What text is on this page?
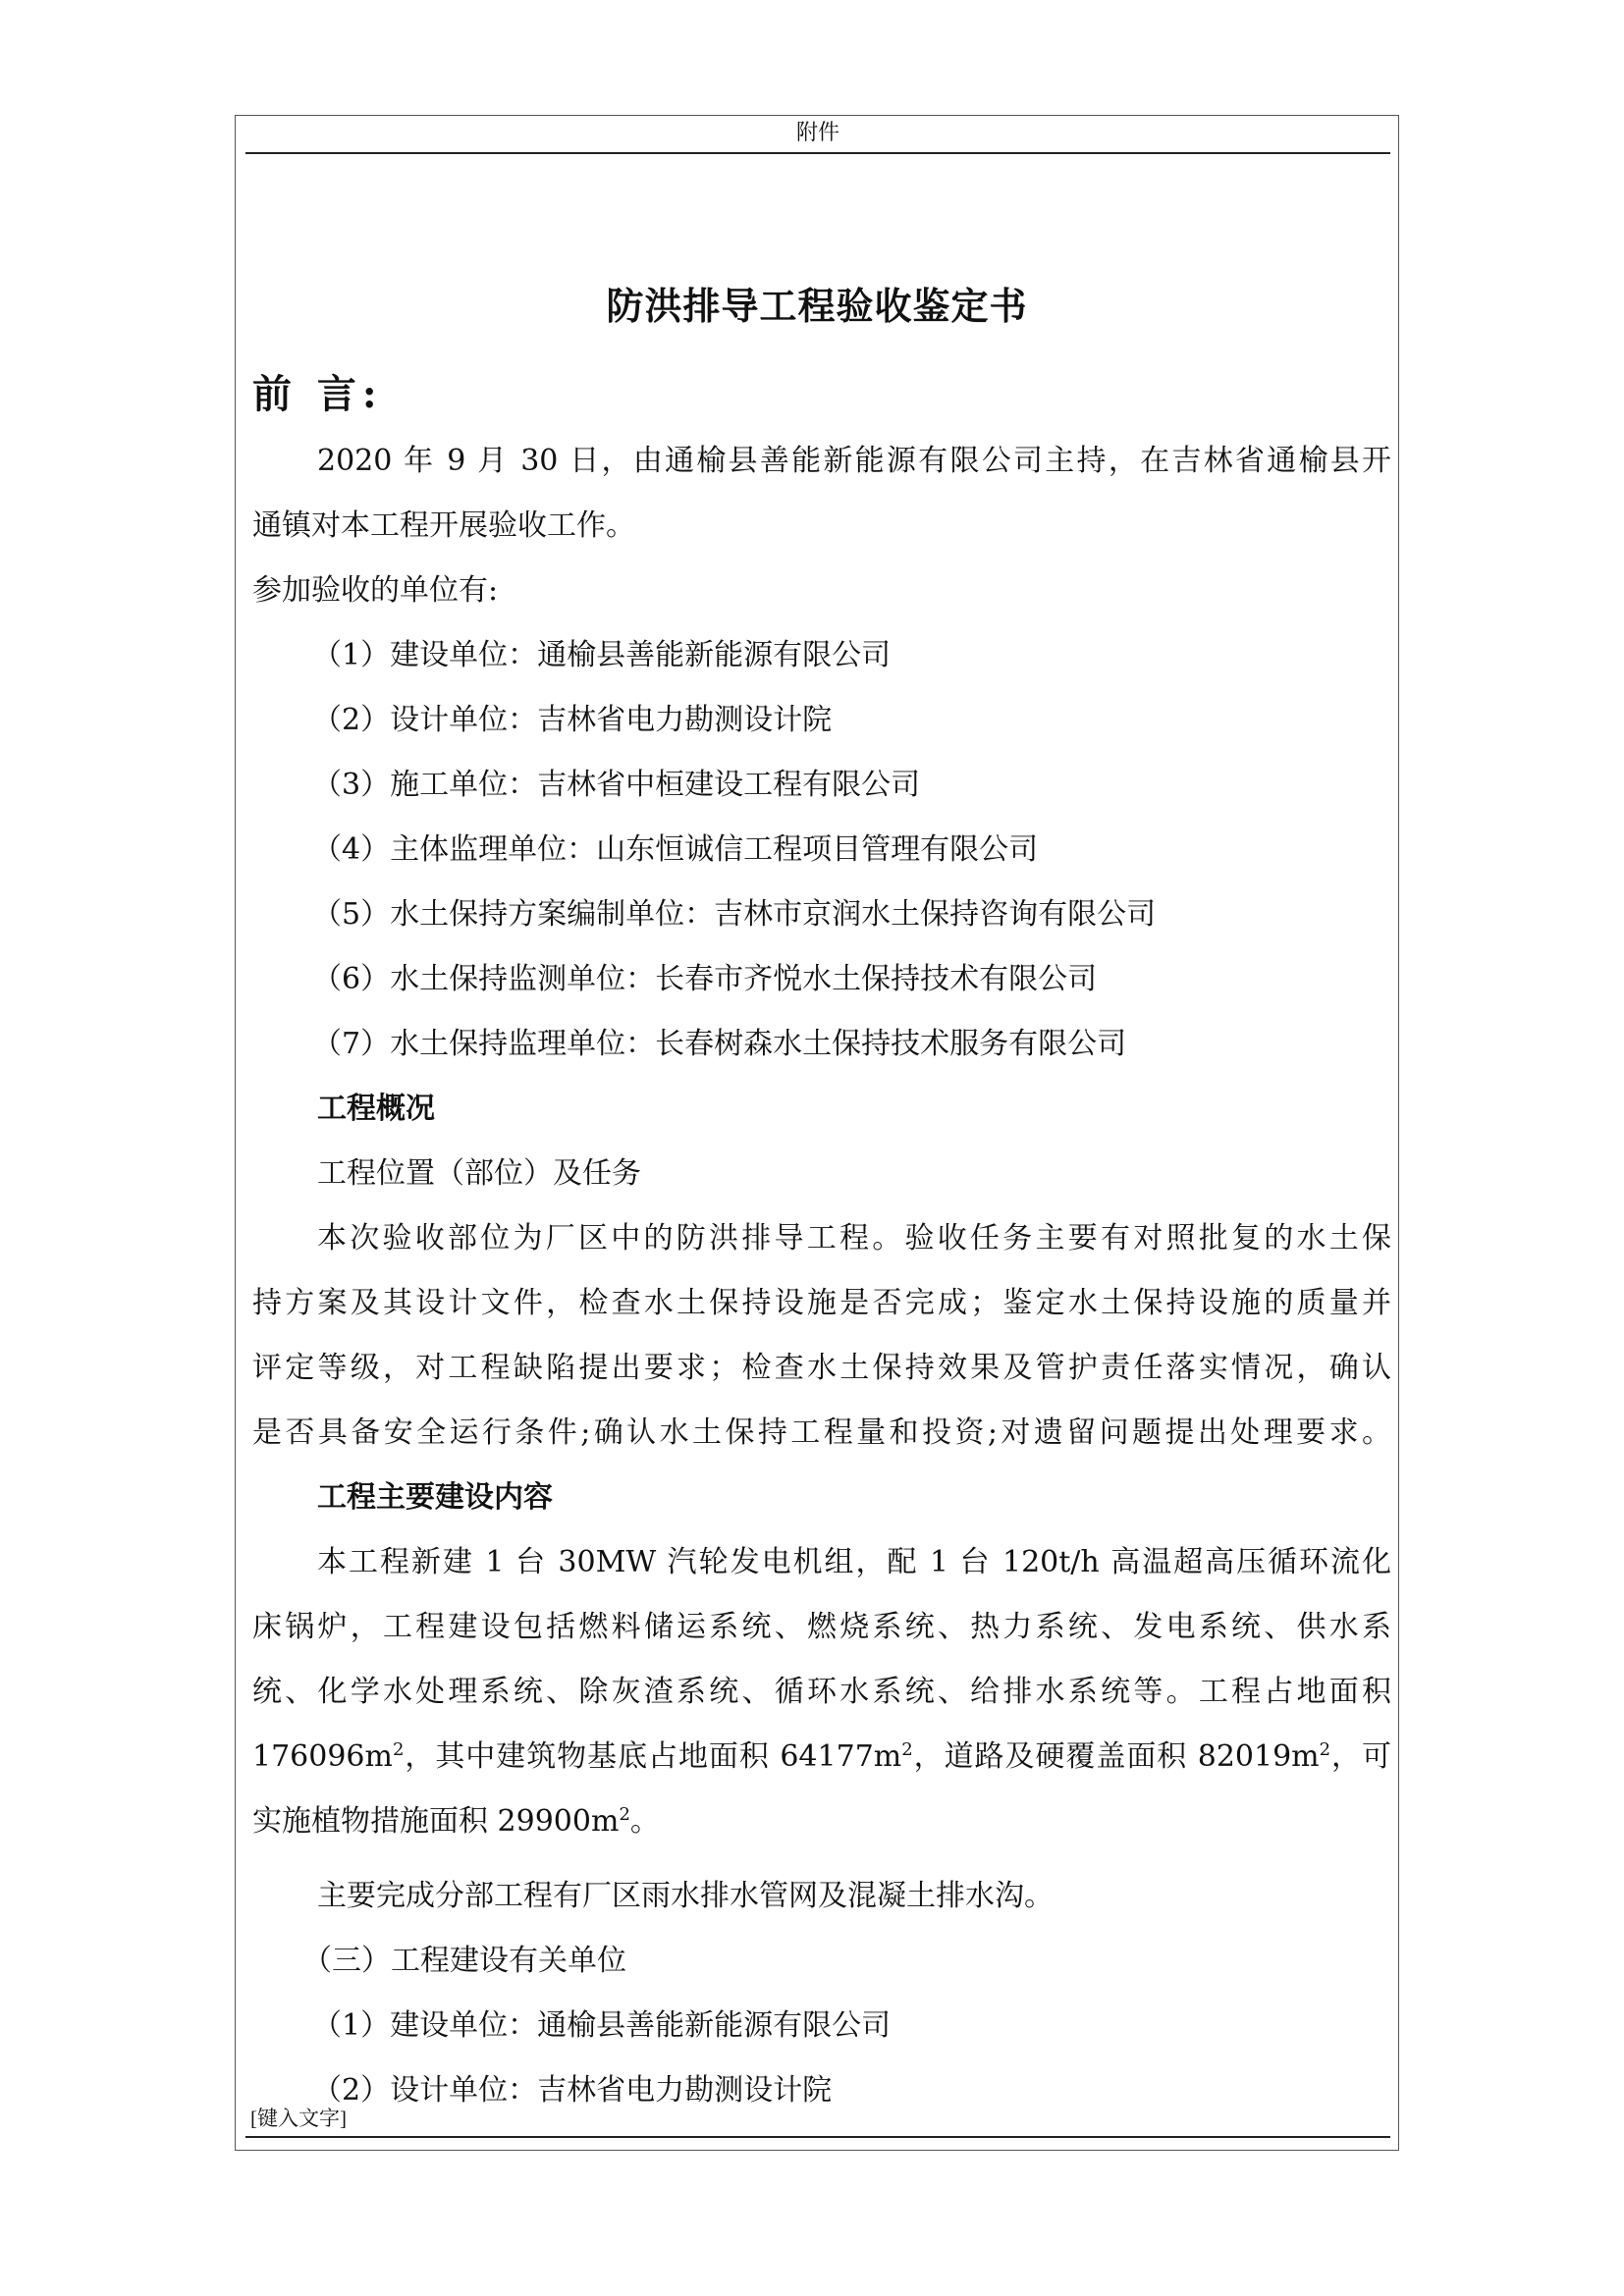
附件
防洪排导工程验收鉴定书
前 言:
2020 年 9 月 30 日，由通榆县善能新能源有限公司主持，在吉林省通榆县开
通镇对本工程开展验收工作。
参加验收的单位有:
（1）建设单位：通榆县善能新能源有限公司
（2）设计单位：吉林省电力勘测设计院
（3）施工单位：吉林省中桓建设工程有限公司
（4）主体监理单位：山东恒诚信工程项目管理有限公司
（5）水土保持方案编制单位：吉林市京润水土保持咨询有限公司
（6）水土保持监测单位：长春市齐悦水土保持技术有限公司
（7）水土保持监理单位：长春树森水土保持技术服务有限公司
工程概况
工程位置（部位）及任务
本次验收部位为厂区中的防洪排导工程。验收任务主要有对照批复的水土保
持方案及其设计文件，检查水土保持设施是否完成；鉴定水土保持设施的质量并
评定等级，对工程缺陷提出要求；检查水土保持效果及管护责任落实情况，确认
是否具备安全运行条件;确认水土保持工程量和投资;对遗留问题提出处理要求。
工程主要建设内容
本工程新建 1 台 30MW 汽轮发电机组，配 1 台 120t/h 高温超高压循环流化
床锅炉，工程建设包括燃料储运系统、燃烧系统、热力系统、发电系统、供水系
统、化学水处理系统、除灰渣系统、循环水系统、给排水系统等。工程占地面积
$176096m^2$，其中建筑物基底占地面积 $64177m^2$，道路及硬覆盖面积 $82019m^2$，可
实施植物措施面积 $29900m^2$。
主要完成分部工程有厂区雨水排水管网及混凝土排水沟。
（三）工程建设有关单位
（1）建设单位：通榆县善能新能源有限公司
（2）设计单位：吉林省电力勘测设计院
[键入文字]
